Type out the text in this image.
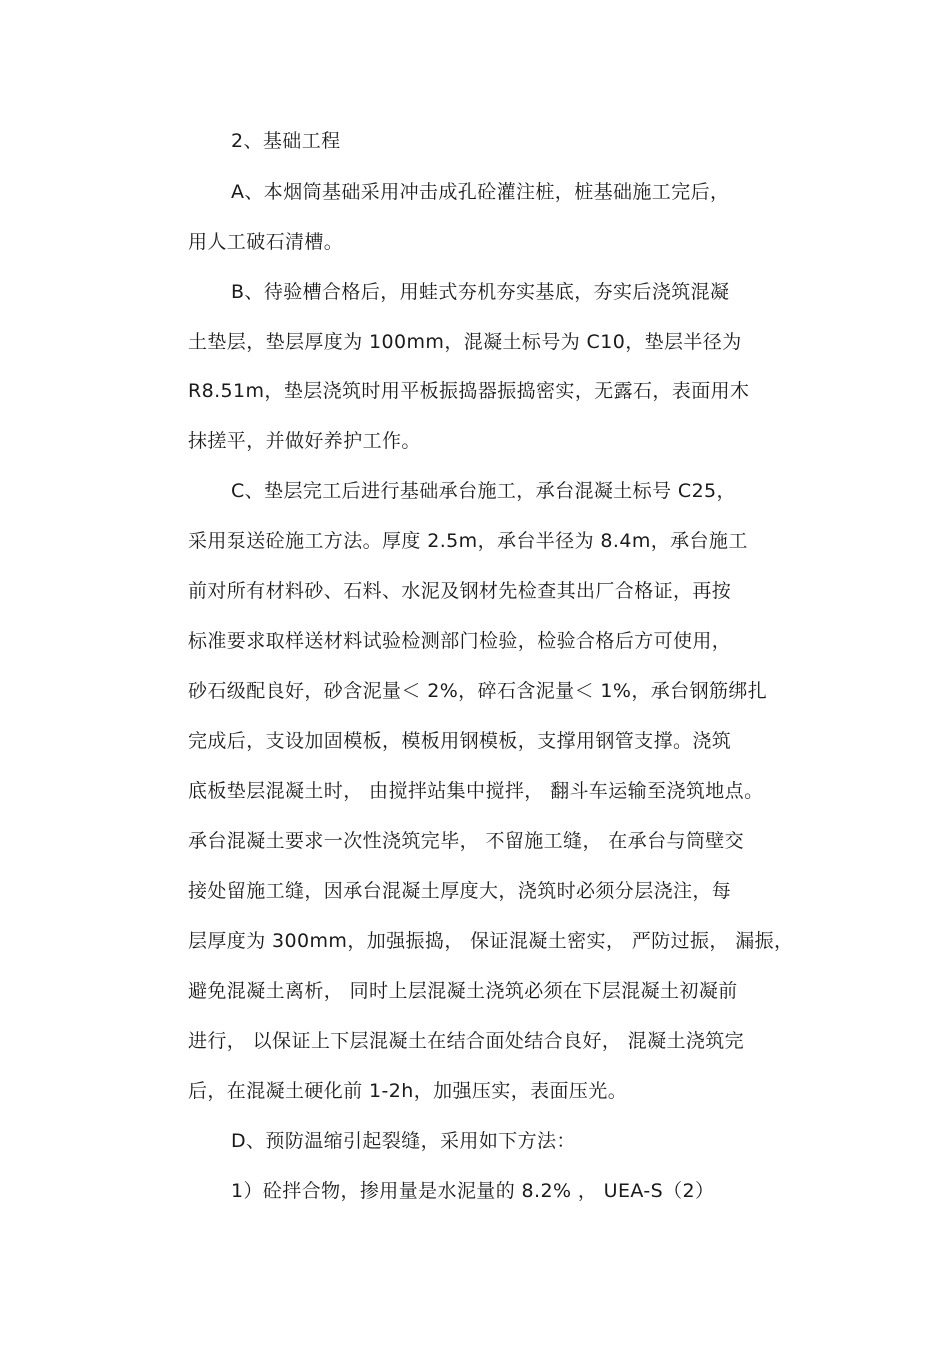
2、基础工程
A、本烟筒基础采用冲击成孔砼灌注桩，桩基础施工完后，
用人工破石清槽。
B、待验槽合格后，用蛙式夯机夯实基底，夯实后浇筑混凝
土垫层，垫层厚度为 100mm，混凝土标号为 C10，垫层半径为
R8.51m，垫层浇筑时用平板振捣器振捣密实，无露石，表面用木
抹搓平，并做好养护工作。
C、垫层完工后进行基础承台施工，承台混凝土标号 C25，
采用泵送砼施工方法。厚度 2.5m，承台半径为 8.4m，承台施工
前对所有材料砂、石料、水泥及钢材先检查其出厂合格证，再按
标准要求取样送材料试验检测部门检验，检验合格后方可使用，
砂石级配良好，砂含泥量＜ 2%，碎石含泥量＜ 1%，承台钢筋绑扎
完成后，支设加固模板，模板用钢模板，支撑用钢管支撑。浇筑
底板垫层混凝土时， 由搅拌站集中搅拌， 翻斗车运输至浇筑地点。
承台混凝土要求一次性浇筑完毕， 不留施工缝， 在承台与筒壁交
接处留施工缝，因承台混凝土厚度大，浇筑时必须分层浇注，每
层厚度为 300mm，加强振捣， 保证混凝土密实， 严防过振， 漏振，
避免混凝土离析， 同时上层混凝土浇筑必须在下层混凝土初凝前
进行， 以保证上下层混凝土在结合面处结合良好， 混凝土浇筑完
后，在混凝土硬化前 1-2h，加强压实，表面压光。
D、预防温缩引起裂缝，采用如下方法：
1）砼拌合物，掺用量是水泥量的 8.2% ， UEA-S（2）
